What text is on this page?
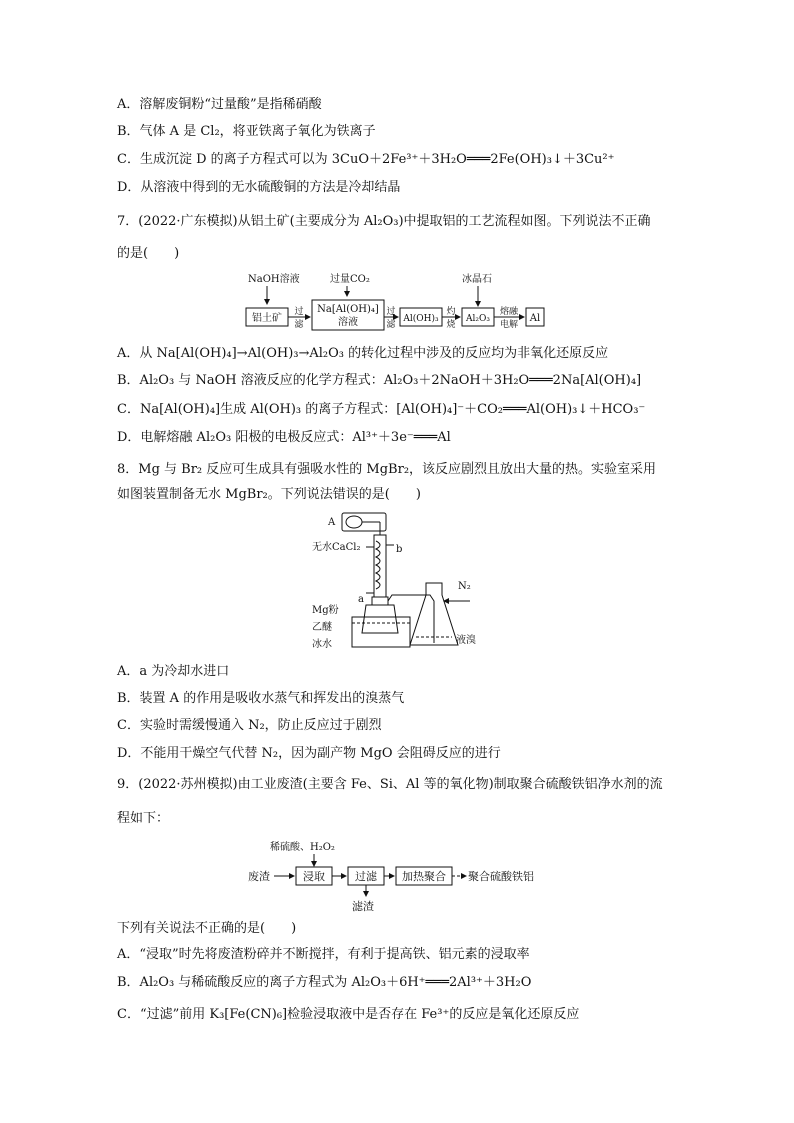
A．溶解废铜粉“过量酸”是指稀硝酸
B．气体 A 是 Cl₂，将亚铁离子氧化为铁离子
C．生成沉淀 D 的离子方程式可以为 3CuO＋2Fe³⁺＋3H₂O═══2Fe(OH)₃↓＋3Cu²⁺
D．从溶液中得到的无水硫酸铜的方法是冷却结晶
7．(2022·广东模拟)从铝土矿(主要成分为 Al₂O₃)中提取铝的工艺流程如图。下列说法不正确
的是(　　)
NaOH溶液	过量CO₂	冰晶石
铝土矿
Na[Al(OH)₄]
溶液	Al(OH)₃	Al₂O₃	Al
过
滤
过
滤
灼
烧
熔融
电解
A．从 Na[Al(OH)₄]→Al(OH)₃→Al₂O₃ 的转化过程中涉及的反应均为非氧化还原反应
B．Al₂O₃ 与 NaOH 溶液反应的化学方程式：Al₂O₃＋2NaOH＋3H₂O═══2Na[Al(OH)₄]
C．Na[Al(OH)₄]生成 Al(OH)₃ 的离子方程式：[Al(OH)₄]⁻＋CO₂═══Al(OH)₃↓＋HCO₃⁻
D．电解熔融 Al₂O₃ 阳极的电极反应式：Al³⁺＋3e⁻═══Al
8．Mg 与 Br₂ 反应可生成具有强吸水性的 MgBr₂，该反应剧烈且放出大量的热。实验室采用
如图装置制备无水 MgBr₂。下列说法错误的是(　　)
A
无水CaCl₂	b
a
Mg粉
乙醚
冰水
N₂
液溴
A．a 为冷却水进口
B．装置 A 的作用是吸收水蒸气和挥发出的溴蒸气
C．实验时需缓慢通入 N₂，防止反应过于剧烈
D．不能用干燥空气代替 N₂，因为副产物 MgO 会阻碍反应的进行
9．(2022·苏州模拟)由工业废渣(主要含 Fe、Si、Al 等的氧化物)制取聚合硫酸铁铝净水剂的流
程如下：
稀硫酸、H₂O₂
废渣	浸取	过滤
滤渣
加热聚合 聚合硫酸铁铝
下列有关说法不正确的是(　　)
A．“浸取”时先将废渣粉碎并不断搅拌，有利于提高铁、铝元素的浸取率
B．Al₂O₃ 与稀硫酸反应的离子方程式为 Al₂O₃＋6H⁺═══2Al³⁺＋3H₂O
C．“过滤”前用 K₃[Fe(CN)₆]检验浸取液中是否存在 Fe³⁺的反应是氧化还原反应
